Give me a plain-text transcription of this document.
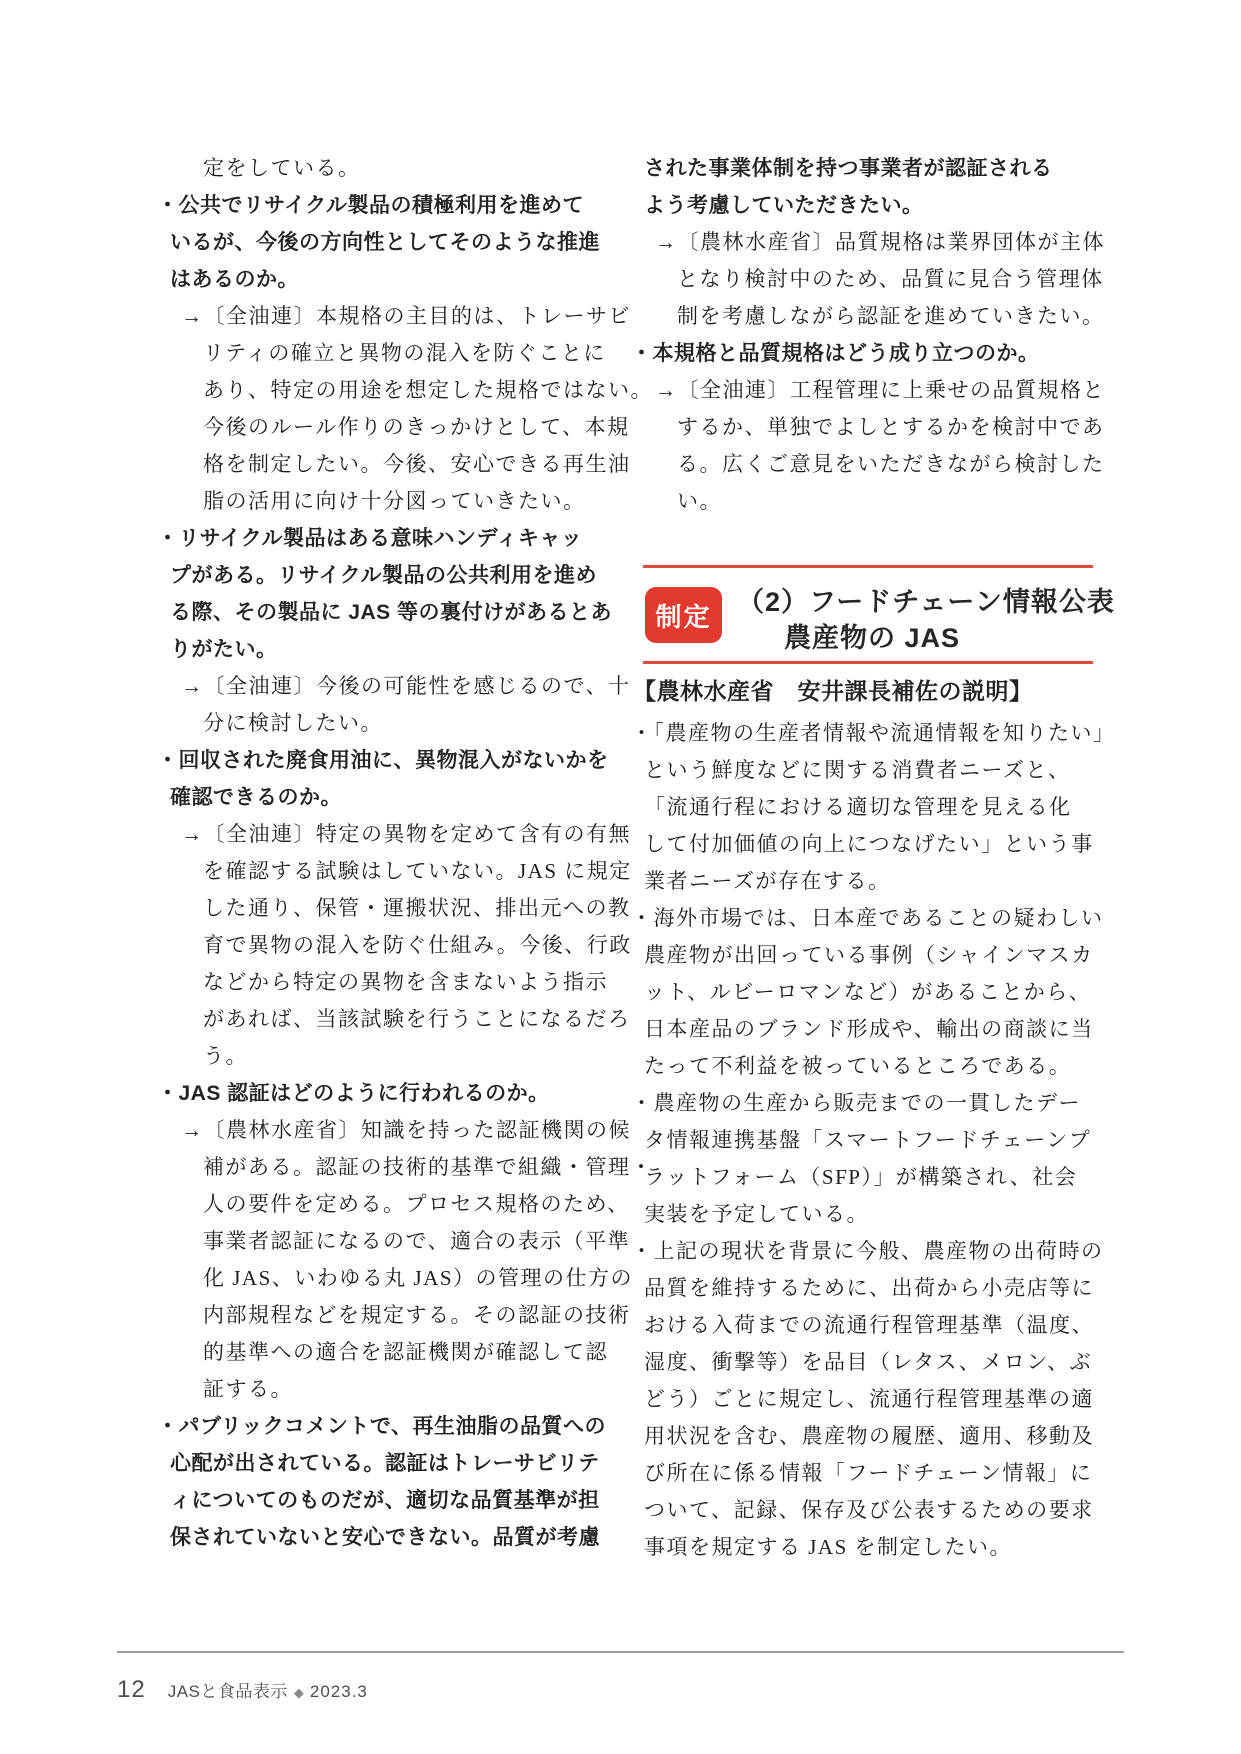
定をしている。
・公共でリサイクル製品の積極利用を進めて
いるが、今後の方向性としてそのような推進
はあるのか。
→〔全油連〕本規格の主目的は、トレーサビ
リティの確立と異物の混入を防ぐことに
あり、特定の用途を想定した規格ではない。
今後のルール作りのきっかけとして、本規
格を制定したい。今後、安心できる再生油
脂の活用に向け十分図っていきたい。
・リサイクル製品はある意味ハンディキャッ
プがある。リサイクル製品の公共利用を進め
る際、その製品に JAS 等の裏付けがあるとあ
りがたい。
→〔全油連〕今後の可能性を感じるので、十
分に検討したい。
・回収された廃食用油に、異物混入がないかを
確認できるのか。
→〔全油連〕特定の異物を定めて含有の有無
を確認する試験はしていない。JAS に規定
した通り、保管・運搬状況、排出元への教
育で異物の混入を防ぐ仕組み。今後、行政
などから特定の異物を含まないよう指示
があれば、当該試験を行うことになるだろ
う。
・JAS 認証はどのように行われるのか。
→〔農林水産省〕知識を持った認証機関の候
補がある。認証の技術的基準で組織・管理・
人の要件を定める。プロセス規格のため、
事業者認証になるので、適合の表示（平準
化 JAS、いわゆる丸 JAS）の管理の仕方の
内部規程などを規定する。その認証の技術
的基準への適合を認証機関が確認して認
証する。
・パブリックコメントで、再生油脂の品質への
心配が出されている。認証はトレーサビリテ
ィについてのものだが、適切な品質基準が担
保されていないと安心できない。品質が考慮
された事業体制を持つ事業者が認証される
よう考慮していただきたい。
→〔農林水産省〕品質規格は業界団体が主体
となり検討中のため、品質に見合う管理体
制を考慮しながら認証を進めていきたい。
・本規格と品質規格はどう成り立つのか。
→〔全油連〕工程管理に上乗せの品質規格と
するか、単独でよしとするかを検討中であ
る。広くご意見をいただきながら検討した
い。
制定 （2）フードチェーン情報公表
農産物の JAS
【農林水産省　安井課長補佐の説明】
・「農産物の生産者情報や流通情報を知りたい」
という鮮度などに関する消費者ニーズと、
「流通行程における適切な管理を見える化
して付加価値の向上につなげたい」という事
業者ニーズが存在する。
・海外市場では、日本産であることの疑わしい
農産物が出回っている事例（シャインマスカ
ット、ルビーロマンなど）があることから、
日本産品のブランド形成や、輸出の商談に当
たって不利益を被っているところである。
・農産物の生産から販売までの一貫したデー
タ情報連携基盤「スマートフードチェーンプ
ラットフォーム（SFP）」が構築され、社会
実装を予定している。
・上記の現状を背景に今般、農産物の出荷時の
品質を維持するために、出荷から小売店等に
おける入荷までの流通行程管理基準（温度、
湿度、衝撃等）を品目（レタス、メロン、ぶ
どう）ごとに規定し、流通行程管理基準の適
用状況を含む、農産物の履歴、適用、移動及
び所在に係る情報「フードチェーン情報」に
ついて、記録、保存及び公表するための要求
事項を規定する JAS を制定したい。
12 JASと食品表示 ◆ 2023.3
